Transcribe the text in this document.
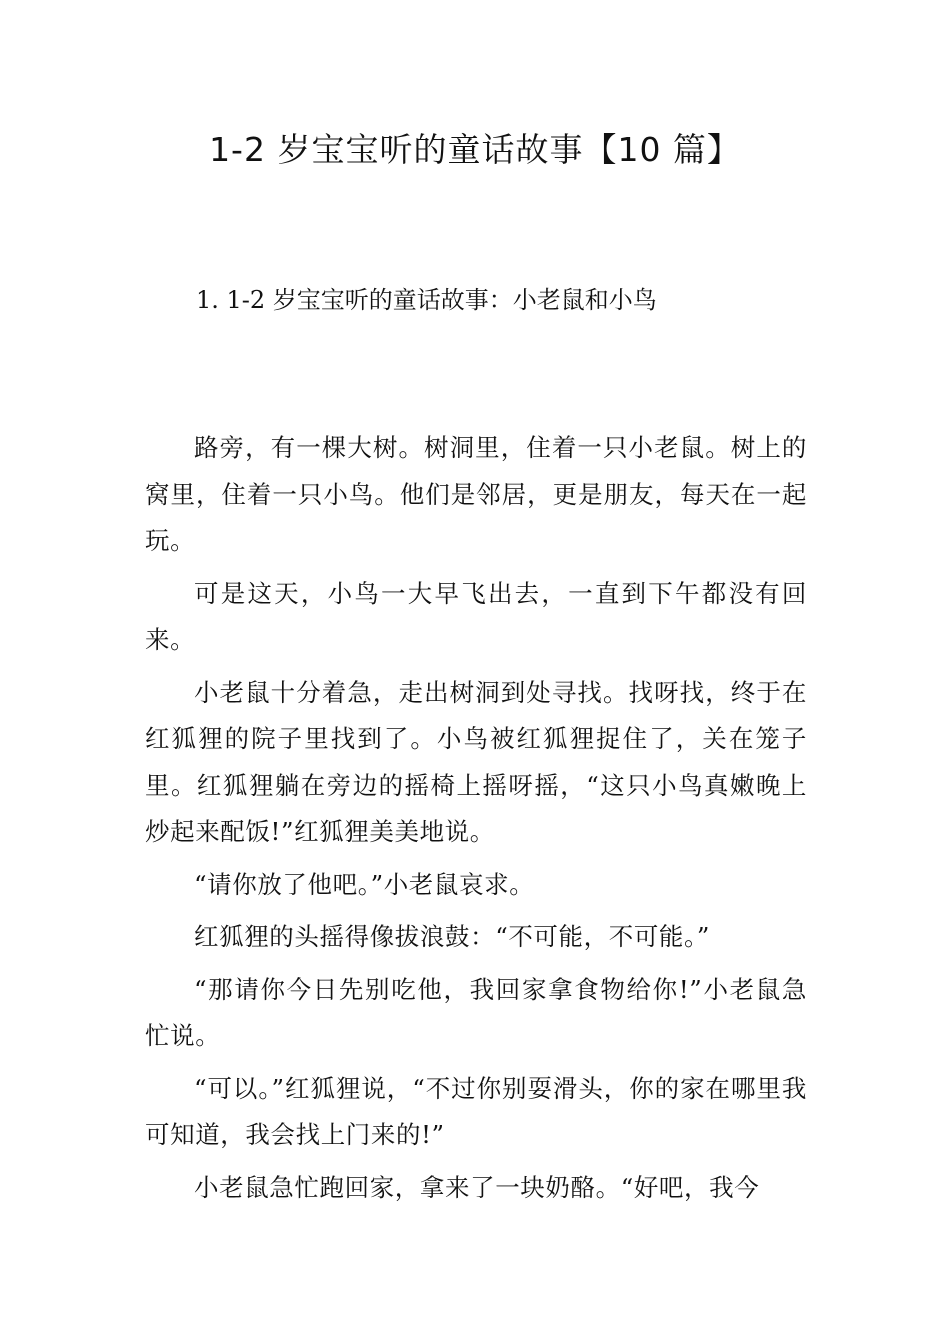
1-2 岁宝宝听的童话故事【10 篇】
1. 1-2 岁宝宝听的童话故事：小老鼠和小鸟

路旁，有一棵大树。树洞里，住着一只小老鼠。树上的窝里，住着一只小鸟。他们是邻居，更是朋友，每天在一起玩。

可是这天，小鸟一大早飞出去，一直到下午都没有回来。

小老鼠十分着急，走出树洞到处寻找。找呀找，终于在红狐狸的院子里找到了。小鸟被红狐狸捉住了，关在笼子里。红狐狸躺在旁边的摇椅上摇呀摇，“这只小鸟真嫩晚上炒起来配饭!”红狐狸美美地说。

“请你放了他吧。”小老鼠哀求。

红狐狸的头摇得像拔浪鼓：“不可能，不可能。”

“那请你今日先别吃他，我回家拿食物给你!”小老鼠急忙说。

“可以。”红狐狸说，“不过你别耍滑头，你的家在哪里我可知道，我会找上门来的!”

小老鼠急忙跑回家，拿来了一块奶酪。“好吧，我今
